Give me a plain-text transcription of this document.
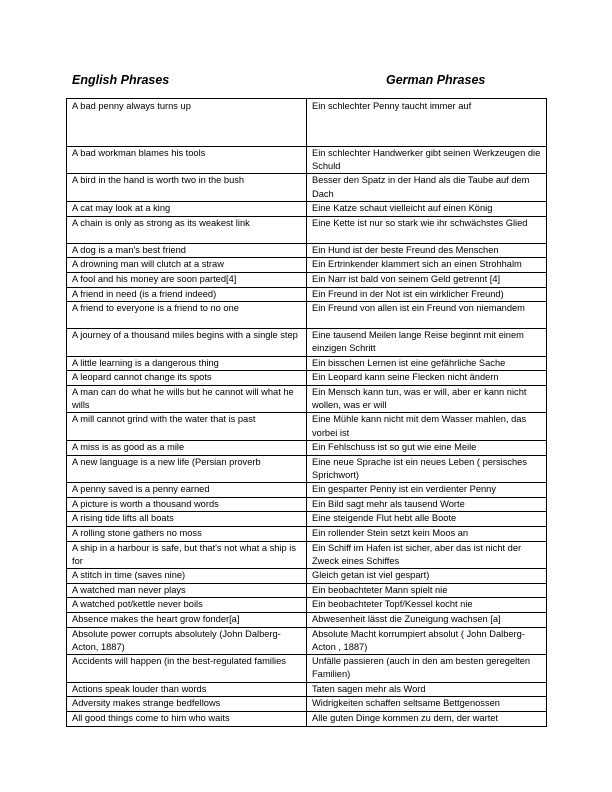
English Phrases	German Phrases
A bad penny always turns up	Ein schlechter Penny taucht immer auf
A bad workman blames his tools	Ein schlechter Handwerker gibt seinen Werkzeugen die Schuld
A bird in the hand is worth two in the bush	Besser den Spatz in der Hand als die Taube auf dem Dach
A cat may look at a king	Eine Katze schaut vielleicht auf einen König
A chain is only as strong as its weakest link	Eine Kette ist nur so stark wie ihr schwächstes Glied
A dog is a man's best friend	Ein Hund ist der beste Freund des Menschen
A drowning man will clutch at a straw	Ein Ertrinkender klammert sich an einen Strohhalm
A fool and his money are soon parted[4]	Ein Narr ist bald von seinem Geld getrennt [4]
A friend in need (is a friend indeed)	Ein Freund in der Not ist ein wirklicher Freund)
A friend to everyone is a friend to no one	Ein Freund von allen ist ein Freund von niemandem
A journey of a thousand miles begins with a single step	Eine tausend Meilen lange Reise beginnt mit einem einzigen Schritt
A little learning is a dangerous thing	Ein bisschen Lernen ist eine gefährliche Sache
A leopard cannot change its spots	Ein Leopard kann seine Flecken nicht ändern
A man can do what he wills but he cannot will what he wills	Ein Mensch kann tun, was er will, aber er kann nicht wollen, was er will
A mill cannot grind with the water that is past	Eine Mühle kann nicht mit dem Wasser mahlen, das vorbei ist
A miss is as good as a mile	Ein Fehlschuss ist so gut wie eine Meile
A new language is a new life (Persian proverb	Eine neue Sprache ist ein neues Leben ( persisches Sprichwort)
A penny saved is a penny earned	Ein gesparter Penny ist ein verdienter Penny
A picture is worth a thousand words	Ein Bild sagt mehr als tausend Worte
A rising tide lifts all boats	Eine steigende Flut hebt alle Boote
A rolling stone gathers no moss	Ein rollender Stein setzt kein Moos an
A ship in a harbour is safe, but that's not what a ship is for	Ein Schiff im Hafen ist sicher, aber das ist nicht der Zweck eines Schiffes
A stitch in time (saves nine)	Gleich getan ist viel gespart)
A watched man never plays	Ein beobachteter Mann spielt nie
A watched pot/kettle never boils	Ein beobachteter Topf/Kessel kocht nie
Absence makes the heart grow fonder[a]	Abwesenheit lässt die Zuneigung wachsen [a]
Absolute power corrupts absolutely (John Dalberg-Acton, 1887)	Absolute Macht korrumpiert absolut ( John Dalberg-Acton , 1887)
Accidents will happen (in the best-regulated families	Unfälle passieren (auch in den am besten geregelten Familien)
Actions speak louder than words	Taten sagen mehr als Word
Adversity makes strange bedfellows	Widrigkeiten schaffen seltsame Bettgenossen
All good things come to him who waits	Alle guten Dinge kommen zu dem, der wartet
